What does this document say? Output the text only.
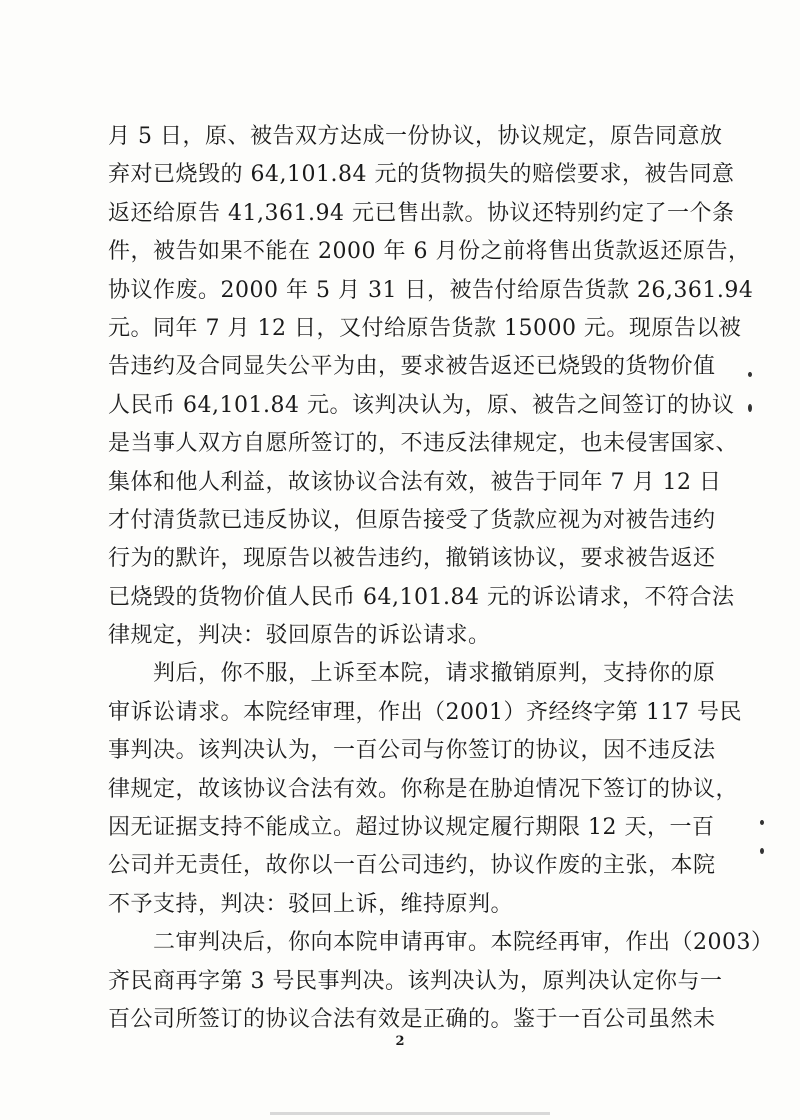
月 5 日，原、被告双方达成一份协议，协议规定，原告同意放
弃对已烧毁的 64,101.84 元的货物损失的赔偿要求，被告同意
返还给原告 41,361.94 元已售出款。协议还特别约定了一个条
件，被告如果不能在 2000 年 6 月份之前将售出货款返还原告，
协议作废。2000 年 5 月 31 日，被告付给原告货款 26,361.94
元。同年 7 月 12 日，又付给原告货款 15000 元。现原告以被
告违约及合同显失公平为由，要求被告返还已烧毁的货物价值
人民币 64,101.84 元。该判决认为，原、被告之间签订的协议
是当事人双方自愿所签订的，不违反法律规定，也未侵害国家、
集体和他人利益，故该协议合法有效，被告于同年 7 月 12 日
才付清货款已违反协议，但原告接受了货款应视为对被告违约
行为的默许，现原告以被告违约，撤销该协议，要求被告返还
已烧毁的货物价值人民币 64,101.84 元的诉讼请求，不符合法
律规定，判决：驳回原告的诉讼请求。
　　判后，你不服，上诉至本院，请求撤销原判，支持你的原
审诉讼请求。本院经审理，作出（2001）齐经终字第 117 号民
事判决。该判决认为，一百公司与你签订的协议，因不违反法
律规定，故该协议合法有效。你称是在胁迫情况下签订的协议，
因无证据支持不能成立。超过协议规定履行期限 12 天，一百
公司并无责任，故你以一百公司违约，协议作废的主张，本院
不予支持，判决：驳回上诉，维持原判。
　　二审判决后，你向本院申请再审。本院经再审，作出（2003）
齐民商再字第 3 号民事判决。该判决认为，原判决认定你与一
百公司所签订的协议合法有效是正确的。鉴于一百公司虽然未
2
